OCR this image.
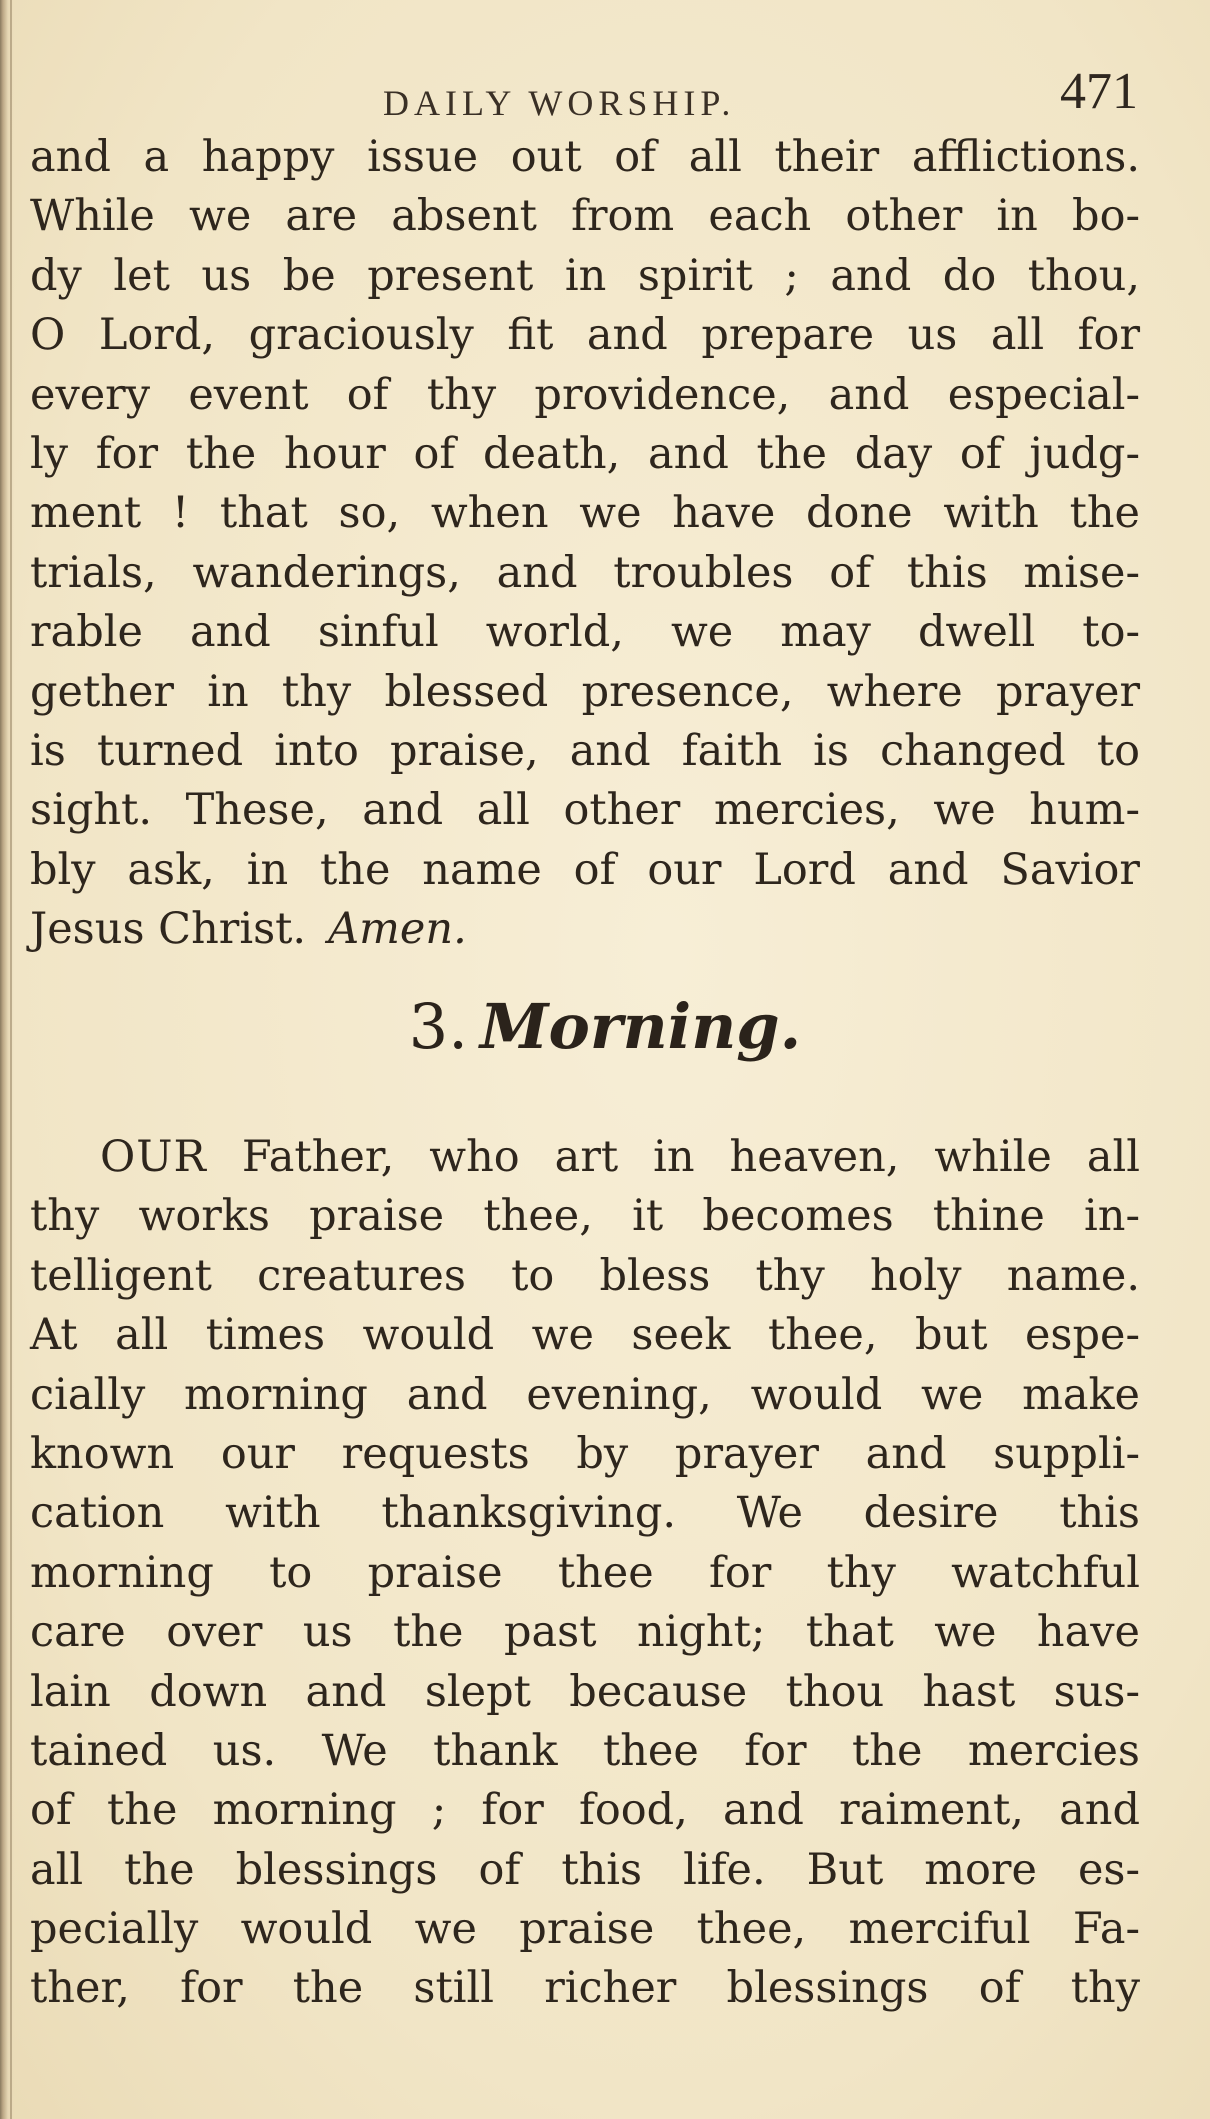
DAILY WORSHIP.	471
and a happy issue out of all their afflictions.
While we are absent from each other in bo-
dy let us be present in spirit ; and do thou,
O Lord, graciously fit and prepare us all for
every event of thy providence, and especial-
ly for the hour of death, and the day of judg-
ment ! that so, when we have done with the
trials, wanderings, and troubles of this mise-
rable and sinful world, we may dwell to-
gether in thy blessed presence, where prayer
is turned into praise, and faith is changed to
sight. These, and all other mercies, we hum-
bly ask, in the name of our Lord and Savior
Jesus Christ. Amen.
3. Morning.
OUR Father, who art in heaven, while all
thy works praise thee, it becomes thine in-
telligent creatures to bless thy holy name.
At all times would we seek thee, but espe-
cially morning and evening, would we make
known our requests by prayer and suppli-
cation with thanksgiving. We desire this
morning to praise thee for thy watchful
care over us the past night; that we have
lain down and slept because thou hast sus-
tained us. We thank thee for the mercies
of the morning ; for food, and raiment, and
all the blessings of this life. But more es-
pecially would we praise thee, merciful Fa-
ther, for the still richer blessings of thy
